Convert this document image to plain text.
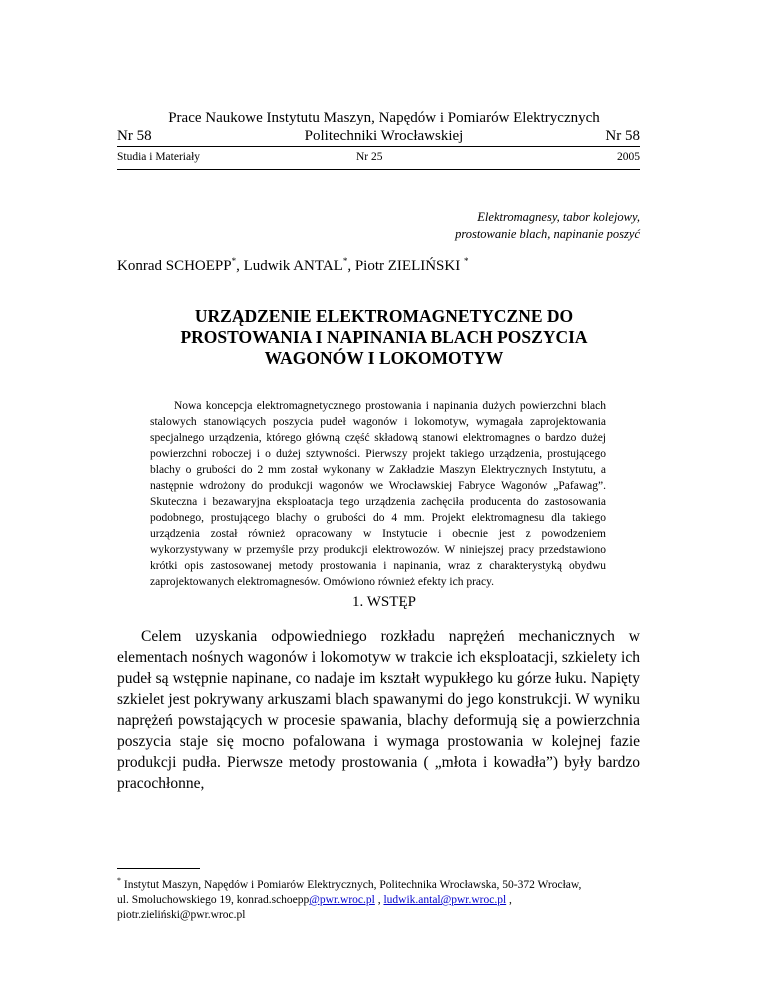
Prace Naukowe Instytutu Maszyn, Napędów i Pomiarów Elektrycznych
Nr 58	Politechniki Wrocławskiej	Nr 58
Studia i Materiały	Nr 25	2005
Elektromagnesy, tabor kolejowy,
prostowanie blach, napinanie poszyć
Konrad SCHOEPP*, Ludwik ANTAL*, Piotr ZIELIŃSKI *
URZĄDZENIE ELEKTROMAGNETYCZNE DO
PROSTOWANIA I NAPINANIA BLACH POSZYCIA
WAGONÓW I LOKOMOTYW

Nowa koncepcja elektromagnetycznego prostowania i napinania dużych powierzchni blach stalowych stanowiących poszycia pudeł wagonów i lokomotyw, wymagała zaprojektowania specjalnego urządzenia, którego główną część składową stanowi elektromagnes o bardzo dużej powierzchni roboczej i o dużej sztywności. Pierwszy projekt takiego urządzenia, prostującego blachy o grubości do 2 mm został wykonany w Zakładzie Maszyn Elektrycznych Instytutu, a następnie wdrożony do produkcji wagonów we Wrocławskiej Fabryce Wagonów „Pafawag”. Skuteczna i bezawaryjna eksploatacja tego urządzenia zachęciła producenta do zastosowania podobnego, prostującego blachy o grubości do 4 mm. Projekt elektromagnesu dla takiego urządzenia został również opracowany w Instytucie i obecnie jest z powodzeniem wykorzystywany w przemyśle przy produkcji elektrowozów. W niniejszej pracy przedstawiono krótki opis zastosowanej metody prostowania i napinania, wraz z charakterystyką obydwu zaprojektowanych elektromagnesów. Omówiono również efekty ich pracy.

1. WSTĘP

Celem uzyskania odpowiedniego rozkładu naprężeń mechanicznych w elementach nośnych wagonów i lokomotyw w trakcie ich eksploatacji, szkielety ich pudeł są wstępnie napinane, co nadaje im kształt wypukłego ku górze łuku. Napięty szkielet jest pokrywany arkuszami blach spawanymi do jego konstrukcji. W wyniku naprężeń powstających w procesie spawania, blachy deformują się a powierzchnia poszycia staje się mocno pofalowana i wymaga prostowania w kolejnej fazie produkcji pudła. Pierwsze metody prostowania ( „młota i kowadła”) były bardzo pracochłonne,

* Instytut Maszyn, Napędów i Pomiarów Elektrycznych, Politechnika Wrocławska, 50-372 Wrocław,
ul. Smoluchowskiego 19, konrad.schoepp@pwr.wroc.pl , ludwik.antal@pwr.wroc.pl ,
piotr.zieliński@pwr.wroc.pl
